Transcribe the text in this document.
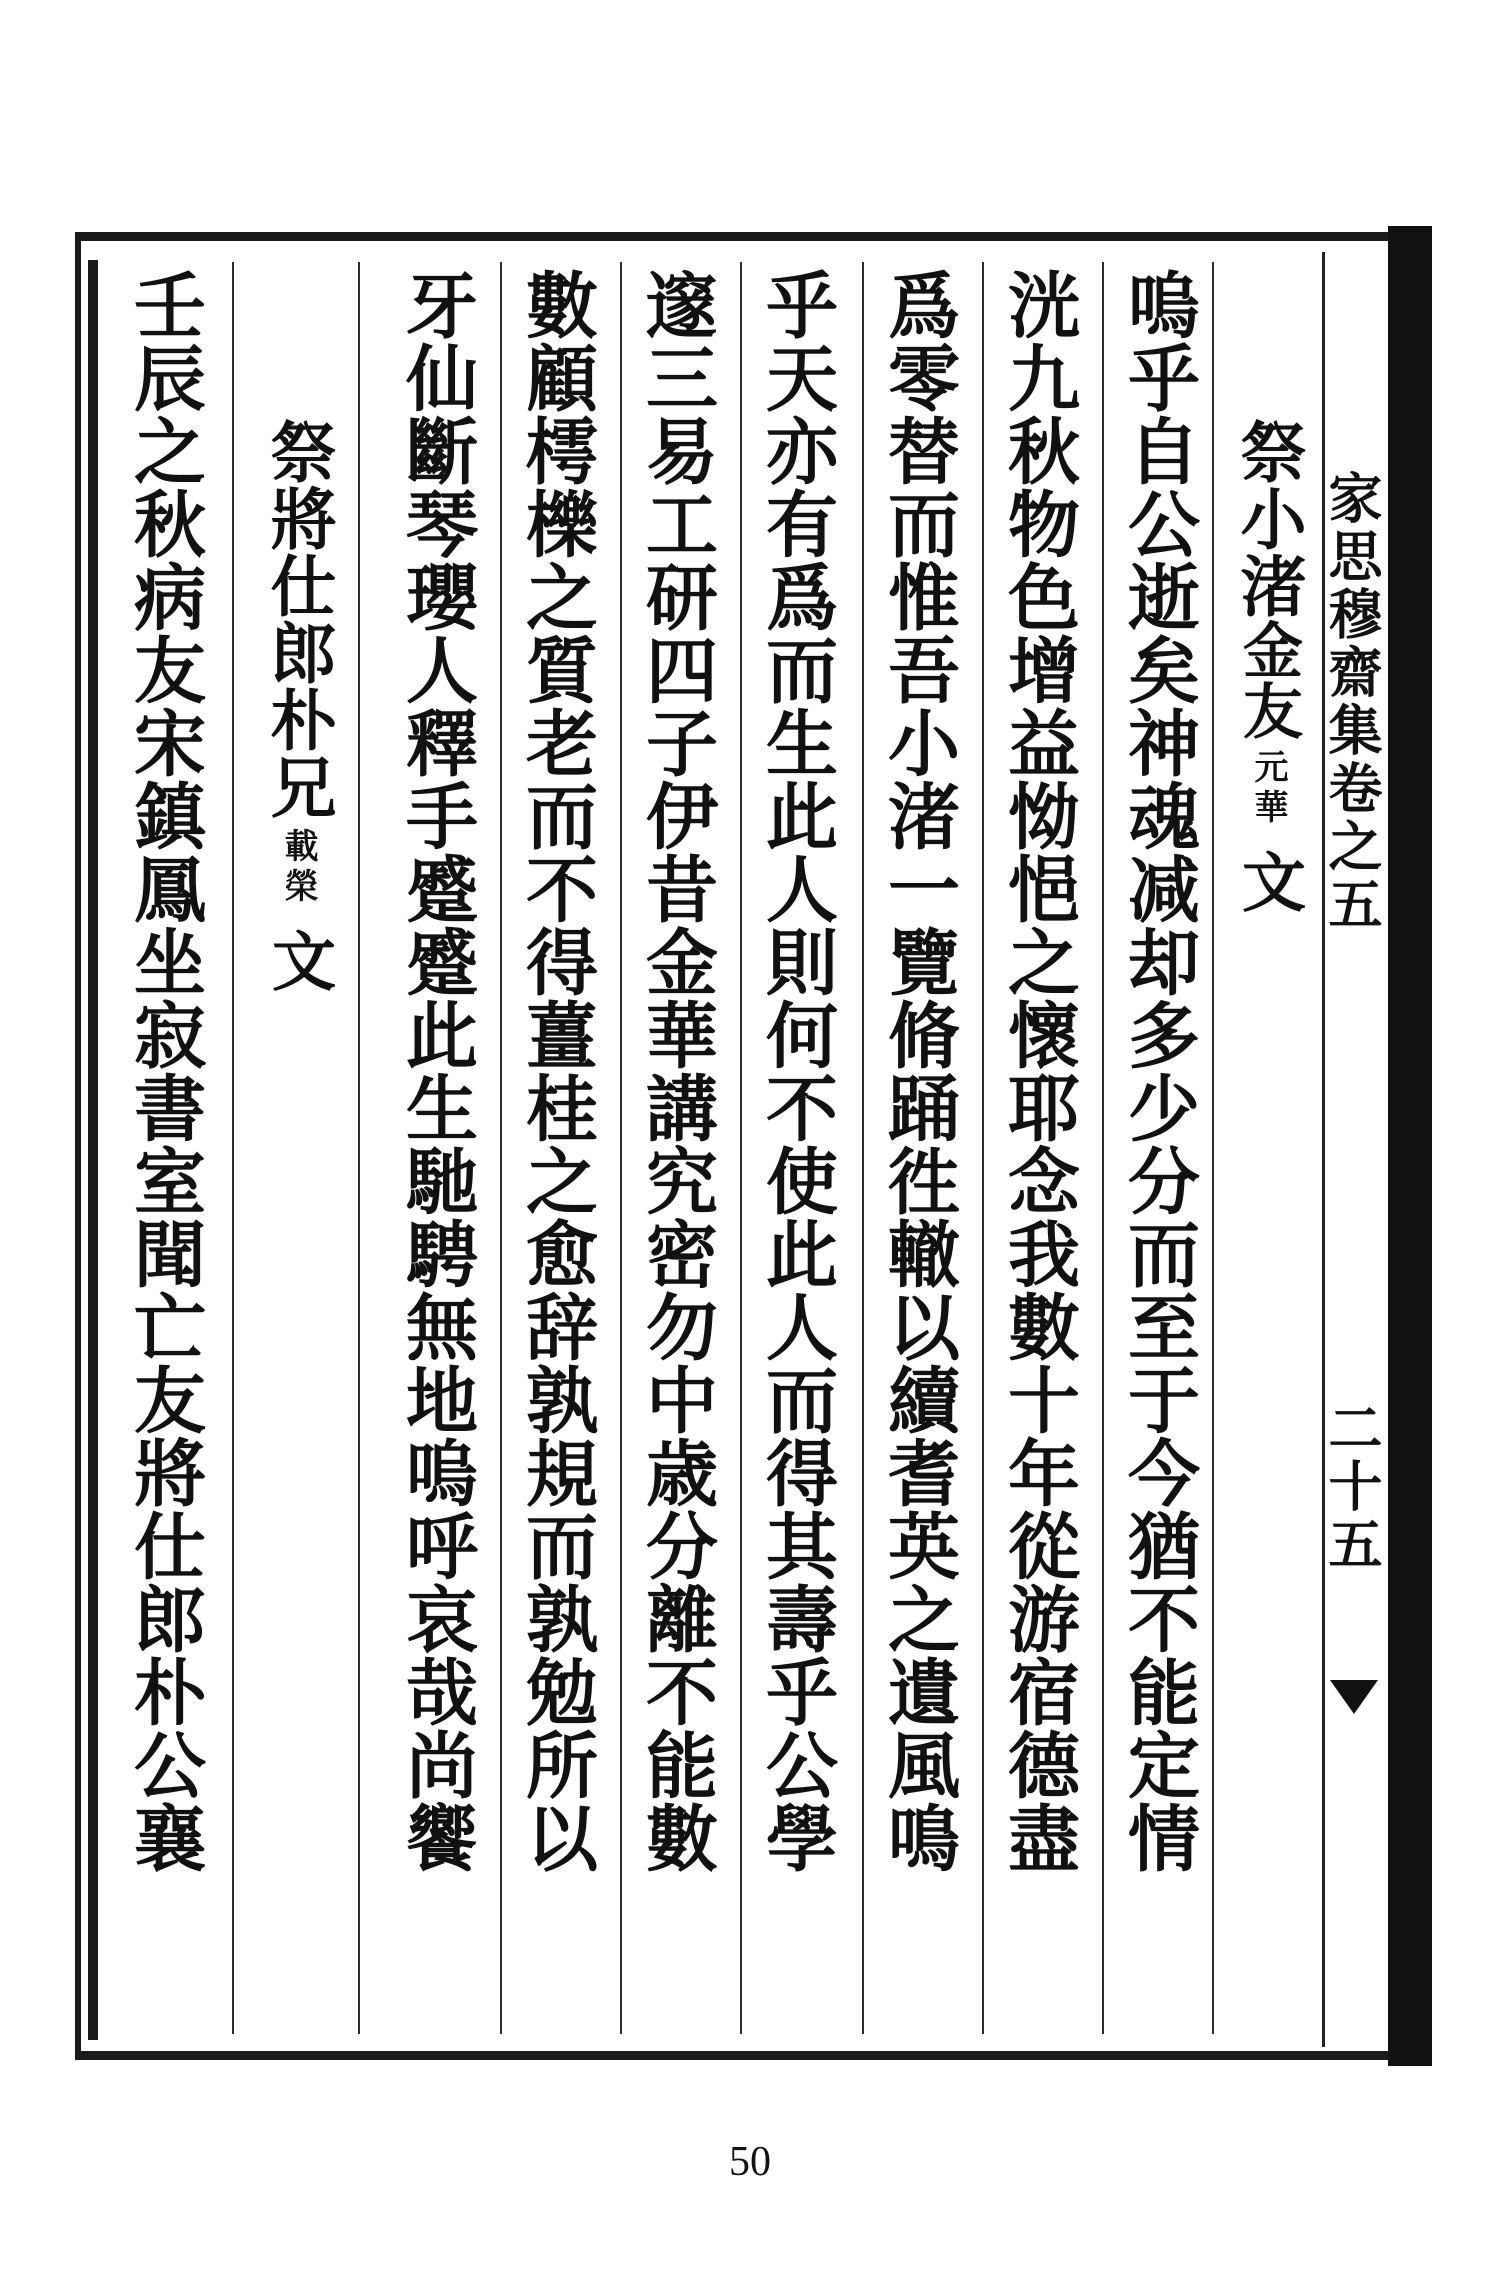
家思穆齋集卷之五
二十五
祭小渚金友元華文
嗚乎自公逝矣神魂减却多少分而至于今猶不能定情
洸九秋物色增益怮悒之懷耶念我數十年從游宿德盡
爲零替而惟吾小渚一覽脩踊徃轍以續耆英之遺風鳴
乎天亦有爲而生此人則何不使此人而得其壽乎公學
邃三易工研四子伊昔金華講究密勿中歳分離不能數
數顧樗櫟之質老而不得薑桂之愈辞孰規而孰勉所以
牙仙斷琴瓔人釋手蹙蹙此生馳騁無地嗚呼哀哉尚饗
祭將仕郎朴兄載榮文
壬辰之秋病友宋鎮鳳坐寂書室聞亡友將仕郎朴公襄
50
